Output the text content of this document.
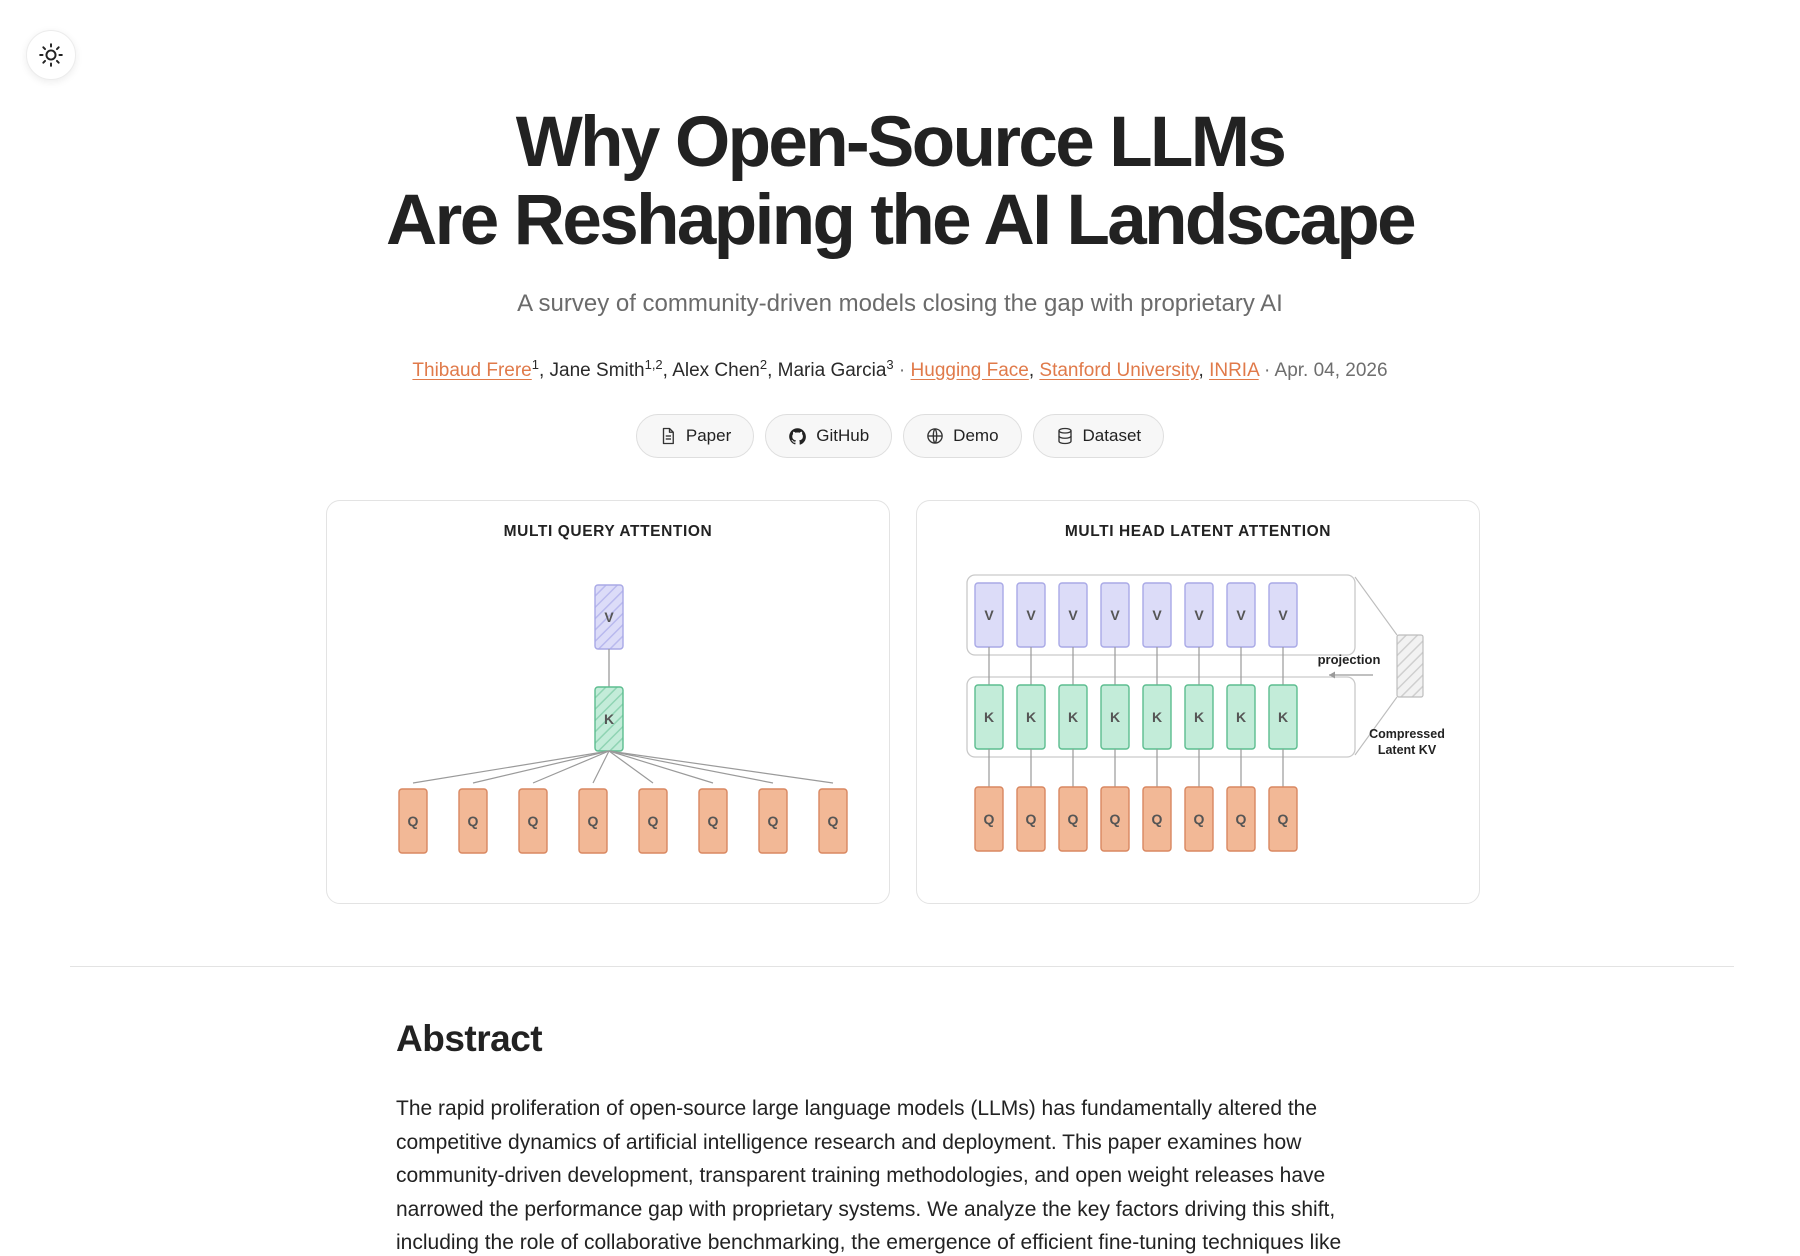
Why Open-Source LLMs
Are Reshaping the AI Landscape
A survey of community-driven models closing the gap with proprietary AI
Thibaud Frere$^1$, Jane Smith$^{1,2}$, Alex Chen$^2$, Maria Garcia$^3$ · Hugging Face, Stanford University, INRIA · Apr. 04, 2026
Paper	GitHub	Demo	Dataset
MULTI QUERY ATTENTION
V
K
Q	Q	Q	Q	Q	Q	Q	Q
MULTI HEAD LATENT ATTENTION
V
K
Q
V
K
Q
V
K
Q
V
K
Q
V
K
Q
V
K
Q
V
K
Q
V
K
Q
projection
Compressed
Latent KV
Abstract

The rapid proliferation of open-source large language models (LLMs) has fundamentally altered the competitive dynamics of artificial intelligence research and deployment. This paper examines how community-driven development, transparent training methodologies, and open weight releases have narrowed the performance gap with proprietary systems. We analyze the key factors driving this shift, including the role of collaborative benchmarking, the emergence of efficient fine-tuning techniques like
